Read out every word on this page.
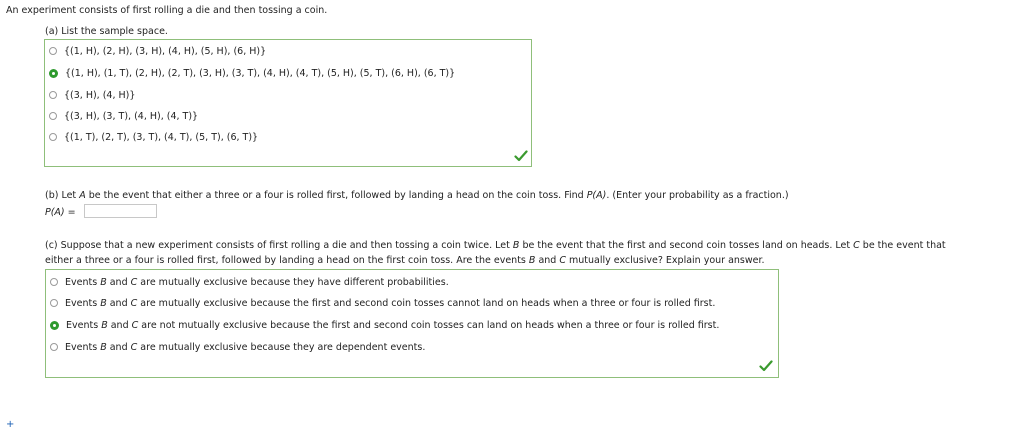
An experiment consists of first rolling a die and then tossing a coin.
(a) List the sample space.
{(1, H), (2, H), (3, H), (4, H), (5, H), (6, H)}
{(1, H), (1, T), (2, H), (2, T), (3, H), (3, T), (4, H), (4, T), (5, H), (5, T), (6, H), (6, T)}
{(3, H), (4, H)}
{(3, H), (3, T), (4, H), (4, T)}
{(1, T), (2, T), (3, T), (4, T), (5, T), (6, T)}
(b) Let A be the event that either a three or a four is rolled first, followed by landing a head on the coin toss. Find P(A). (Enter your probability as a fraction.)
P(A) =
(c) Suppose that a new experiment consists of first rolling a die and then tossing a coin twice. Let B be the event that the first and second coin tosses land on heads. Let C be the event that
either a three or a four is rolled first, followed by landing a head on the first coin toss. Are the events B and C mutually exclusive? Explain your answer.
Events B and C are mutually exclusive because they have different probabilities.
Events B and C are mutually exclusive because the first and second coin tosses cannot land on heads when a three or four is rolled first.
Events B and C are not mutually exclusive because the first and second coin tosses can land on heads when a three or four is rolled first.
Events B and C are mutually exclusive because they are dependent events.
+
